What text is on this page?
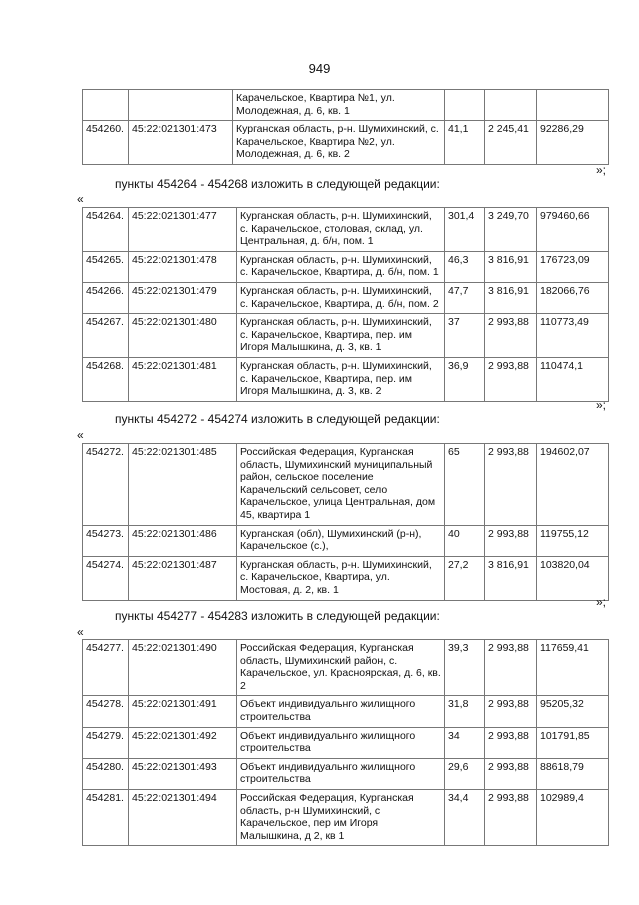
949
		Карачельское, Квартира №1, ул. Молодежная, д. 6, кв. 1			
454260.	45:22:021301:473	Курганская область, р-н. Шумихинский, с. Карачельское, Квартира №2, ул. Молодежная, д. 6, кв. 2	41,1	2 245,41	92286,29
»;
пункты 454264 - 454268 изложить в следующей редакции:
«
454264.	45:22:021301:477	Курганская область, р-н. Шумихинский, с. Карачельское, столовая, склад, ул. Центральная, д. б/н, пом. 1	301,4	3 249,70	979460,66
454265.	45:22:021301:478	Курганская область, р-н. Шумихинский, с. Карачельское, Квартира, д. б/н, пом. 1	46,3	3 816,91	176723,09
454266.	45:22:021301:479	Курганская область, р-н. Шумихинский, с. Карачельское, Квартира, д. б/н, пом. 2	47,7	3 816,91	182066,76
454267.	45:22:021301:480	Курганская область, р-н. Шумихинский, с. Карачельское, Квартира, пер. им Игоря Малышкина, д. 3, кв. 1	37	2 993,88	110773,49
454268.	45:22:021301:481	Курганская область, р-н. Шумихинский, с. Карачельское, Квартира, пер. им Игоря Малышкина, д. 3, кв. 2	36,9	2 993,88	110474,1
»;
пункты 454272 - 454274 изложить в следующей редакции:
«
454272.	45:22:021301:485	Российская Федерация, Курганская область, Шумихинский муниципальный район, сельское поселение Карачельский сельсовет, село Карачельское, улица Центральная, дом 45, квартира 1	65	2 993,88	194602,07
454273.	45:22:021301:486	Курганская (обл), Шумихинский (р-н), Карачельское (с.),	40	2 993,88	119755,12
454274.	45:22:021301:487	Курганская область, р-н. Шумихинский, с. Карачельское, Квартира, ул. Мостовая, д. 2, кв. 1	27,2	3 816,91	103820,04
»;
пункты 454277 - 454283 изложить в следующей редакции:
«
454277.	45:22:021301:490	Российская Федерация, Курганская область, Шумихинский район, с. Карачельское, ул. Красноярская, д. 6, кв. 2	39,3	2 993,88	117659,41
454278.	45:22:021301:491	Объект индивидуальнго жилищного строительства	31,8	2 993,88	95205,32
454279.	45:22:021301:492	Объект индивидуальнго жилищного строительства	34	2 993,88	101791,85
454280.	45:22:021301:493	Объект индивидуальнго жилищного строительства	29,6	2 993,88	88618,79
454281.	45:22:021301:494	Российская Федерация, Курганская область, р-н Шумихинский, с Карачельское, пер им Игоря Малышкина, д 2, кв 1	34,4	2 993,88	102989,4
